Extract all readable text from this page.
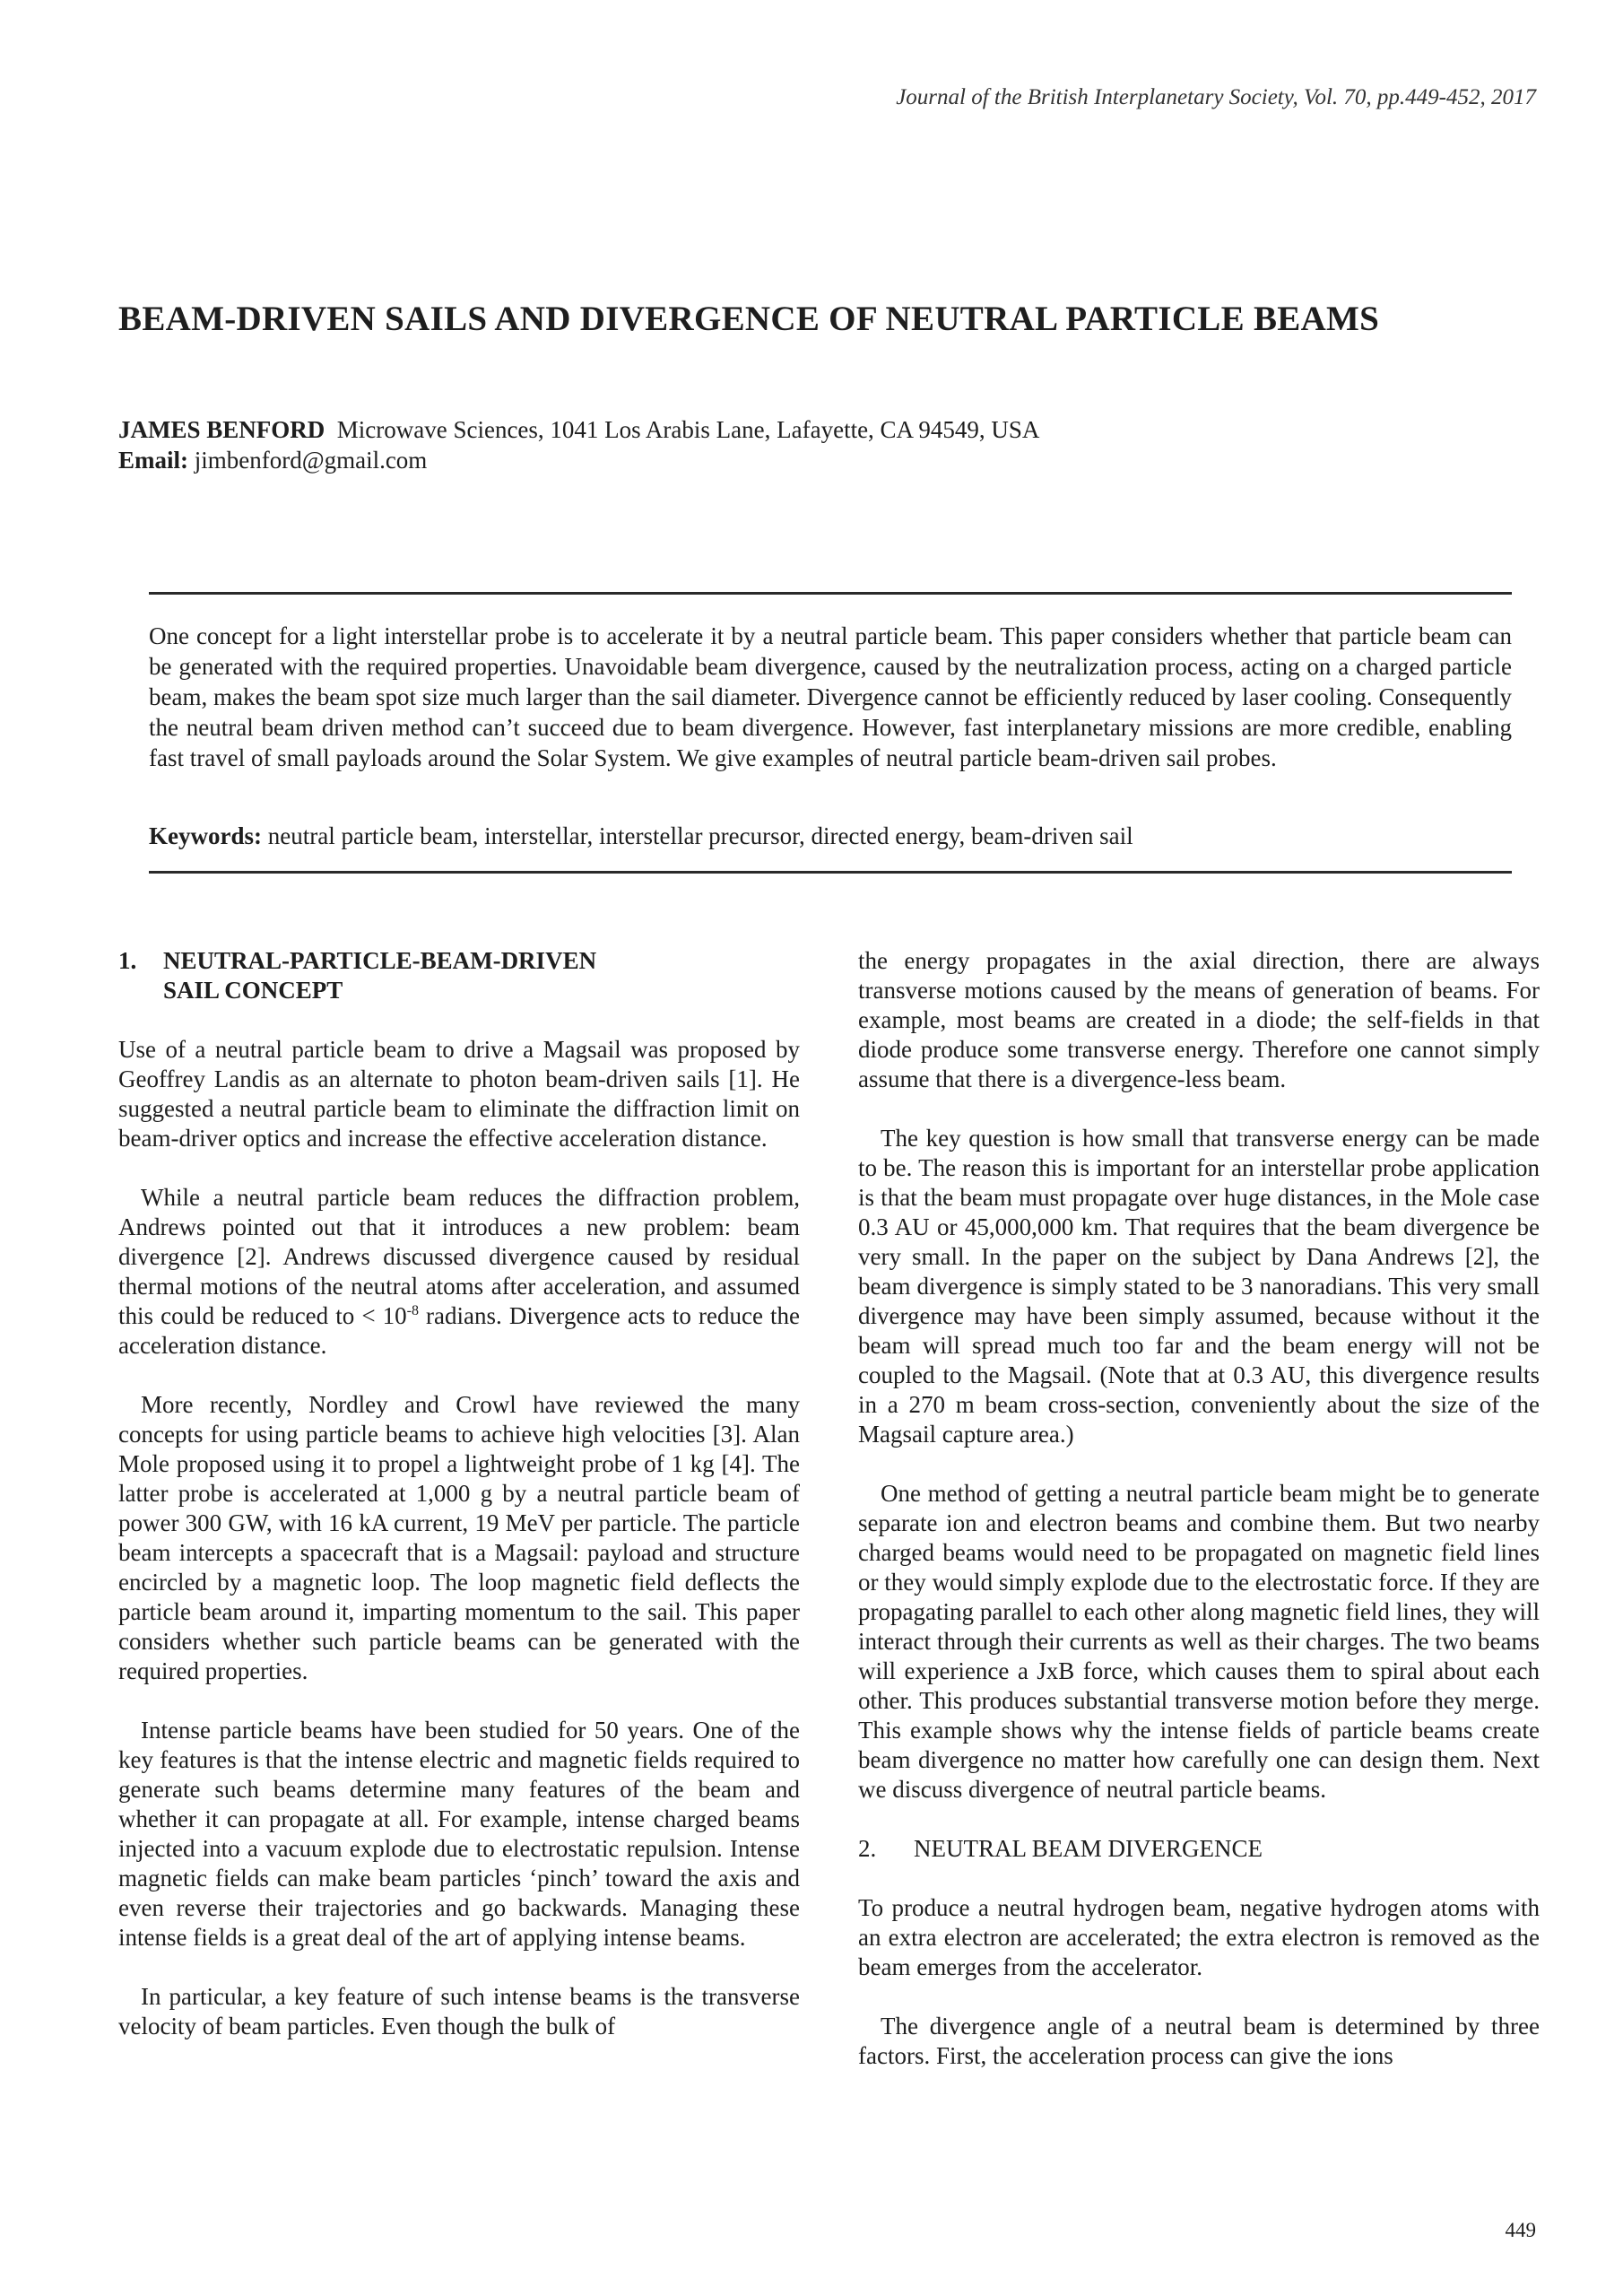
Journal of the British Interplanetary Society, Vol. 70, pp.449-452, 2017
BEAM-DRIVEN SAILS AND DIVERGENCE OF NEUTRAL PARTICLE BEAMS
JAMES BENFORD Microwave Sciences, 1041 Los Arabis Lane, Lafayette, CA 94549, USA
Email: jimbenford@gmail.com
One concept for a light interstellar probe is to accelerate it by a neutral particle beam. This paper considers whether that particle beam can be generated with the required properties. Unavoidable beam divergence, caused by the neutralization process, acting on a charged particle beam, makes the beam spot size much larger than the sail diameter. Divergence cannot be efficiently reduced by laser cooling. Consequently the neutral beam driven method can’t succeed due to beam divergence. However, fast interplanetary missions are more credible, enabling fast travel of small payloads around the Solar System. We give examples of neutral particle beam-driven sail probes.
Keywords: neutral particle beam, interstellar, interstellar precursor, directed energy, beam-driven sail
1.	NEUTRAL-PARTICLE-BEAM-DRIVEN
SAIL CONCEPT

Use of a neutral particle beam to drive a Magsail was proposed by Geoffrey Landis as an alternate to photon beam-driven sails [1]. He suggested a neutral particle beam to eliminate the diffraction limit on beam-driver optics and increase the effective acceleration distance.

While a neutral particle beam reduces the diffraction problem, Andrews pointed out that it introduces a new problem: beam divergence [2]. Andrews discussed divergence caused by residual thermal motions of the neutral atoms after acceleration, and assumed this could be reduced to < $10^{-8}$ radians. Divergence acts to reduce the acceleration distance.

More recently, Nordley and Crowl have reviewed the many concepts for using particle beams to achieve high velocities [3]. Alan Mole proposed using it to propel a lightweight probe of 1 kg [4]. The latter probe is accelerated at 1,000 g by a neutral particle beam of power 300 GW, with 16 kA current, 19 MeV per particle. The particle beam intercepts a spacecraft that is a Magsail: payload and structure encircled by a magnetic loop. The loop magnetic field deflects the particle beam around it, imparting momentum to the sail. This paper considers whether such particle beams can be generated with the required properties.

Intense particle beams have been studied for 50 years. One of the key features is that the intense electric and magnetic fields required to generate such beams determine many features of the beam and whether it can propagate at all. For example, intense charged beams injected into a vacuum explode due to electrostatic repulsion. Intense magnetic fields can make beam particles ‘pinch’ toward the axis and even reverse their trajectories and go backwards. Managing these intense fields is a great deal of the art of applying intense beams.

In particular, a key feature of such intense beams is the transverse velocity of beam particles. Even though the bulk of

the energy propagates in the axial direction, there are always transverse motions caused by the means of generation of beams. For example, most beams are created in a diode; the self-fields in that diode produce some transverse energy. Therefore one cannot simply assume that there is a divergence-less beam.

The key question is how small that transverse energy can be made to be. The reason this is important for an interstellar probe application is that the beam must propagate over huge distances, in the Mole case 0.3 AU or 45,000,000 km. That requires that the beam divergence be very small. In the paper on the subject by Dana Andrews [2], the beam divergence is simply stated to be 3 nanoradians. This very small divergence may have been simply assumed, because without it the beam will spread much too far and the beam energy will not be coupled to the Magsail. (Note that at 0.3 AU, this divergence results in a 270 m beam cross-section, conveniently about the size of the Magsail capture area.)

One method of getting a neutral particle beam might be to generate separate ion and electron beams and combine them. But two nearby charged beams would need to be propagated on magnetic field lines or they would simply explode due to the electrostatic force. If they are propagating parallel to each other along magnetic field lines, they will interact through their currents as well as their charges. The two beams will experience a JxB force, which causes them to spiral about each other. This produces substantial transverse motion before they merge. This example shows why the intense fields of particle beams create beam divergence no matter how carefully one can design them. Next we discuss divergence of neutral particle beams.

2.	NEUTRAL BEAM DIVERGENCE

To produce a neutral hydrogen beam, negative hydrogen atoms with an extra electron are accelerated; the extra electron is removed as the beam emerges from the accelerator.

The divergence angle of a neutral beam is determined by three factors. First, the acceleration process can give the ions

449
